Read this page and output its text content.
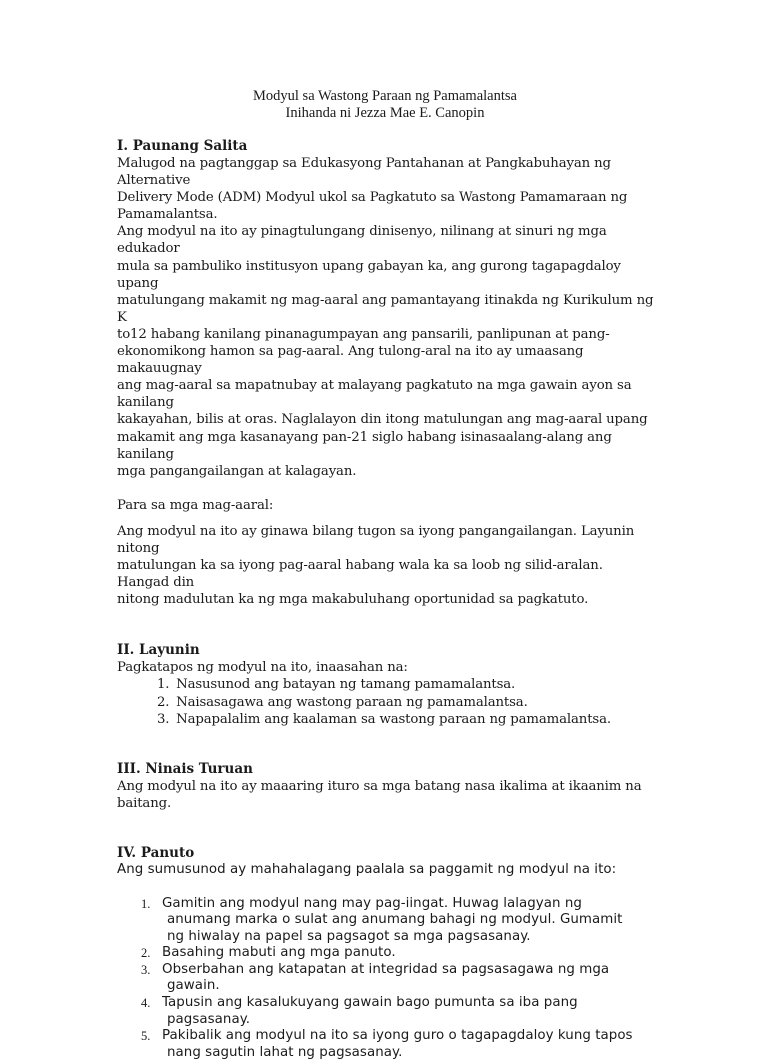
Modyul sa Wastong Paraan ng Pamamalantsa
Inihanda ni Jezza Mae E. Canopin
I. Paunang Salita

Malugod na pagtanggap sa Edukasyong Pantahanan at Pangkabuhayan ng Alternative

Delivery Mode (ADM) Modyul ukol sa Pagkatuto sa Wastong Pamamaraan ng

Pamamalantsa.

Ang modyul na ito ay pinagtulungang dinisenyo, nilinang at sinuri ng mga edukador

mula sa pambuliko institusyon upang gabayan ka, ang gurong tagapagdaloy upang

matulungang makamit ng mag-aaral ang pamantayang itinakda ng Kurikulum ng K

to12 habang kanilang pinanagumpayan ang pansarili, panlipunan at pang-

ekonomikong hamon sa pag-aaral. Ang tulong-aral na ito ay umaasang makauugnay

ang mag-aaral sa mapatnubay at malayang pagkatuto na mga gawain ayon sa kanilang

kakayahan, bilis at oras. Naglalayon din itong matulungan ang mag-aaral upang

makamit ang mga kasanayang pan-21 siglo habang isinasaalang-alang ang kanilang

mga pangangailangan at kalagayan.

Para sa mga mag-aaral:

Ang modyul na ito ay ginawa bilang tugon sa iyong pangangailangan. Layunin nitong

matulungan ka sa iyong pag-aaral habang wala ka sa loob ng silid-aralan. Hangad din

nitong madulutan ka ng mga makabuluhang oportunidad sa pagkatuto.

II. Layunin

Pagkatapos ng modyul na ito, inaasahan na:

1. Nasusunod ang batayan ng tamang pamamalantsa.
2. Naisasagawa ang wastong paraan ng pamamalantsa.
3. Napapalalim ang kaalaman sa wastong paraan ng pamamalantsa.
III. Ninais Turuan

Ang modyul na ito ay maaaring ituro sa mga batang nasa ikalima at ikaanim na

baitang.

IV. Panuto

Ang sumusunod ay mahahalagang paalala sa paggamit ng modyul na ito:

1. Gamitin ang modyul nang may pag-iingat. Huwag lalagyan ng
anumang marka o sulat ang anumang bahagi ng modyul. Gumamit
ng hiwalay na papel sa pagsagot sa mga pagsasanay.
2. Basahing mabuti ang mga panuto.
3. Obserbahan ang katapatan at integridad sa pagsasagawa ng mga
gawain.
4. Tapusin ang kasalukuyang gawain bago pumunta sa iba pang
pagsasanay.
5. Pakibalik ang modyul na ito sa iyong guro o tagapagdaloy kung tapos
nang sagutin lahat ng pagsasanay.
